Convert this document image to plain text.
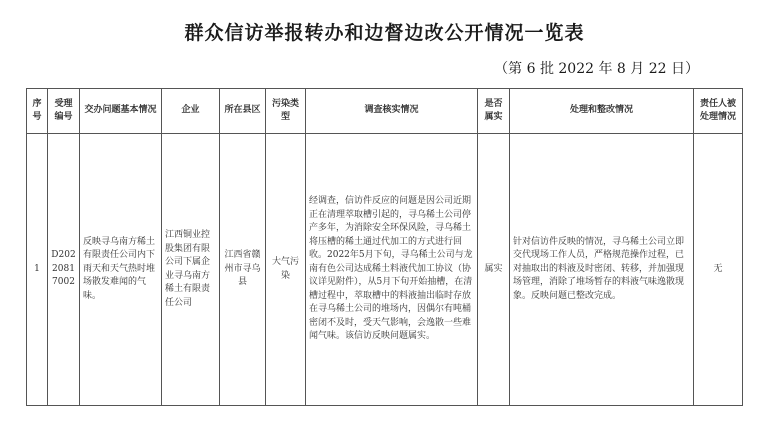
群众信访举报转办和边督边改公开情况一览表
（第 6 批 2022 年 8 月 22 日）
序号	受理编号	交办问题基本情况	企业	所在县区	污染类型	调查核实情况	是否属实	处理和整改情况	责任人被处理情况
1	D2022081 7002	反映寻乌南方稀土有限责任公司内下雨天和天气热时堆场散发难闻的气味。	江西铜业控股集团有限公司下属企业寻乌南方稀土有限责任公司	江西省赣州市寻乌县	大气污染	经调查，信访件反应的问题是因公司近期正在清理萃取槽引起的，寻乌稀土公司停产多年，为消除安全环保风险，寻乌稀土将压槽的稀土通过代加工的方式进行回收。2022年5月下旬，寻乌稀土公司与龙南有色公司达成稀土料液代加工协议（协议详见附件），从5月下旬开始抽槽，在清槽过程中，萃取槽中的料液抽出临时存放在寻乌稀土公司的堆场内，因偶尔有吨桶密闭不及时，受天气影响，会逸散一些难闻气味。该信访反映问题属实。	属实	针对信访件反映的情况，寻乌稀土公司立即交代现场工作人员，严格规范操作过程，已对抽取出的料液及时密闭、转移，并加强现场管理，消除了堆场暂存的料液气味逸散现象。反映问题已整改完成。	无
